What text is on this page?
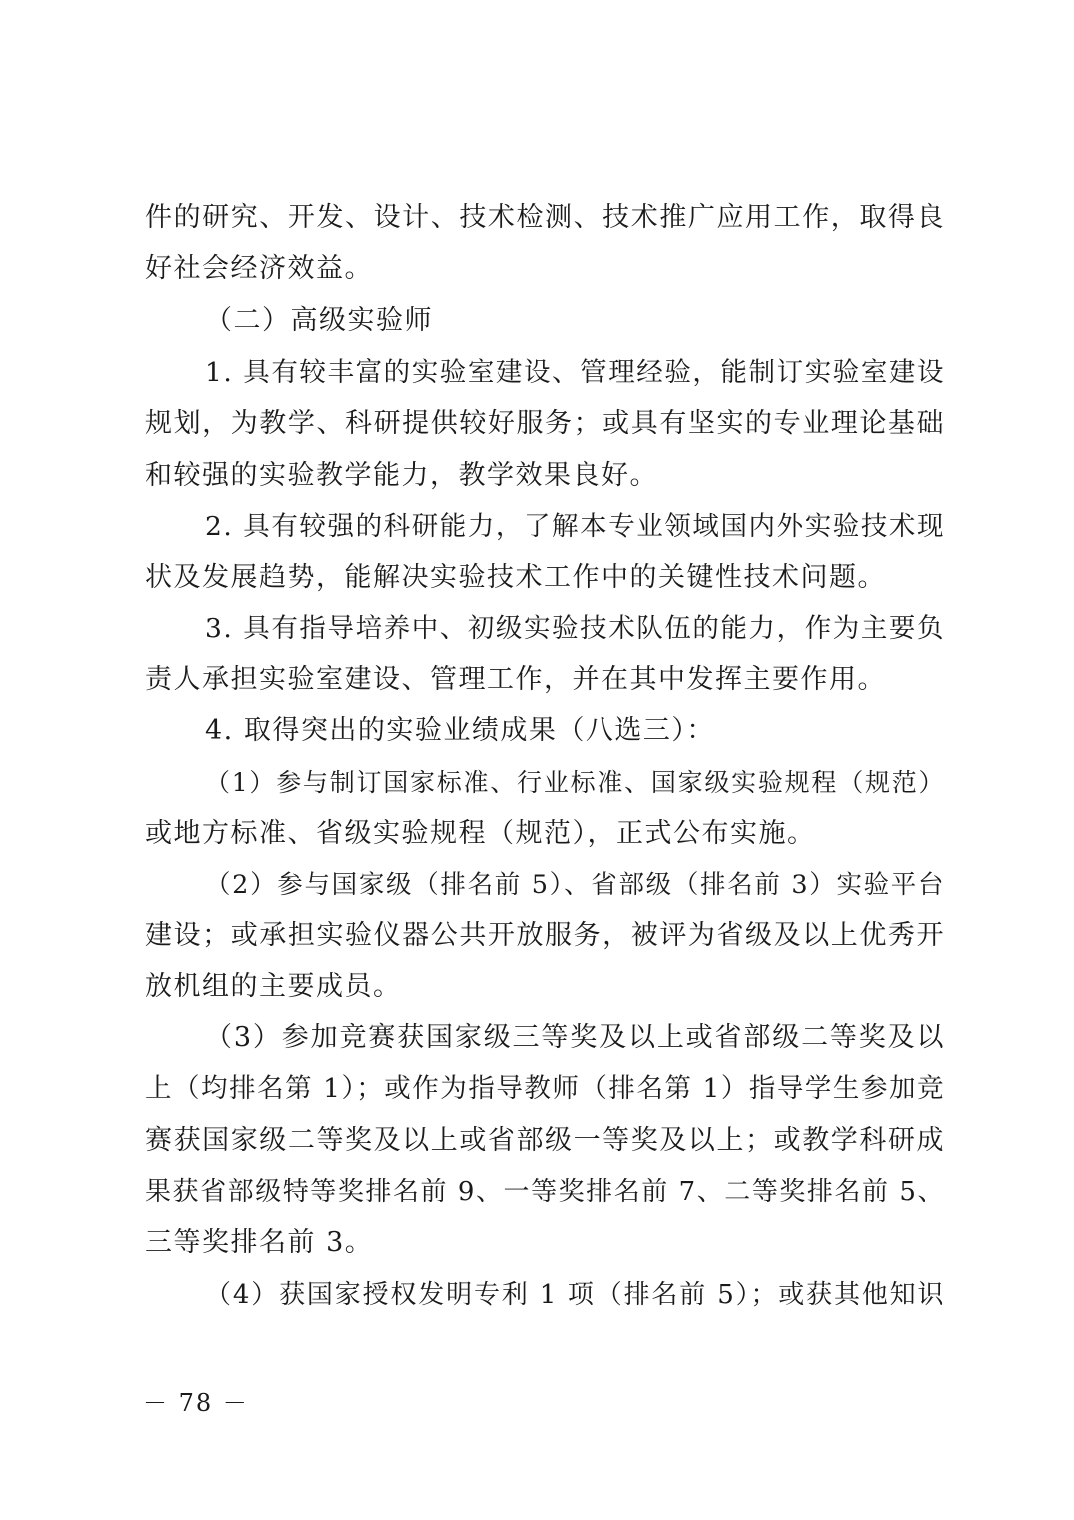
件的研究、开发、设计、技术检测、技术推广应用工作，取得良
好社会经济效益。
（二）高级实验师
1. 具有较丰富的实验室建设、管理经验，能制订实验室建设
规划，为教学、科研提供较好服务；或具有坚实的专业理论基础
和较强的实验教学能力，教学效果良好。
2. 具有较强的科研能力，了解本专业领域国内外实验技术现
状及发展趋势，能解决实验技术工作中的关键性技术问题。
3. 具有指导培养中、初级实验技术队伍的能力，作为主要负
责人承担实验室建设、管理工作，并在其中发挥主要作用。
4. 取得突出的实验业绩成果（八选三）：
（1）参与制订国家标准、行业标准、国家级实验规程（规范）
或地方标准、省级实验规程（规范），正式公布实施。
（2）参与国家级（排名前 5）、省部级（排名前 3）实验平台
建设；或承担实验仪器公共开放服务，被评为省级及以上优秀开
放机组的主要成员。
（3）参加竞赛获国家级三等奖及以上或省部级二等奖及以
上（均排名第 1）；或作为指导教师（排名第 1）指导学生参加竞
赛获国家级二等奖及以上或省部级一等奖及以上；或教学科研成
果获省部级特等奖排名前 9、一等奖排名前 7、二等奖排名前 5、
三等奖排名前 3。
（4）获国家授权发明专利 1 项（排名前 5）；或获其他知识
－ 78 －
